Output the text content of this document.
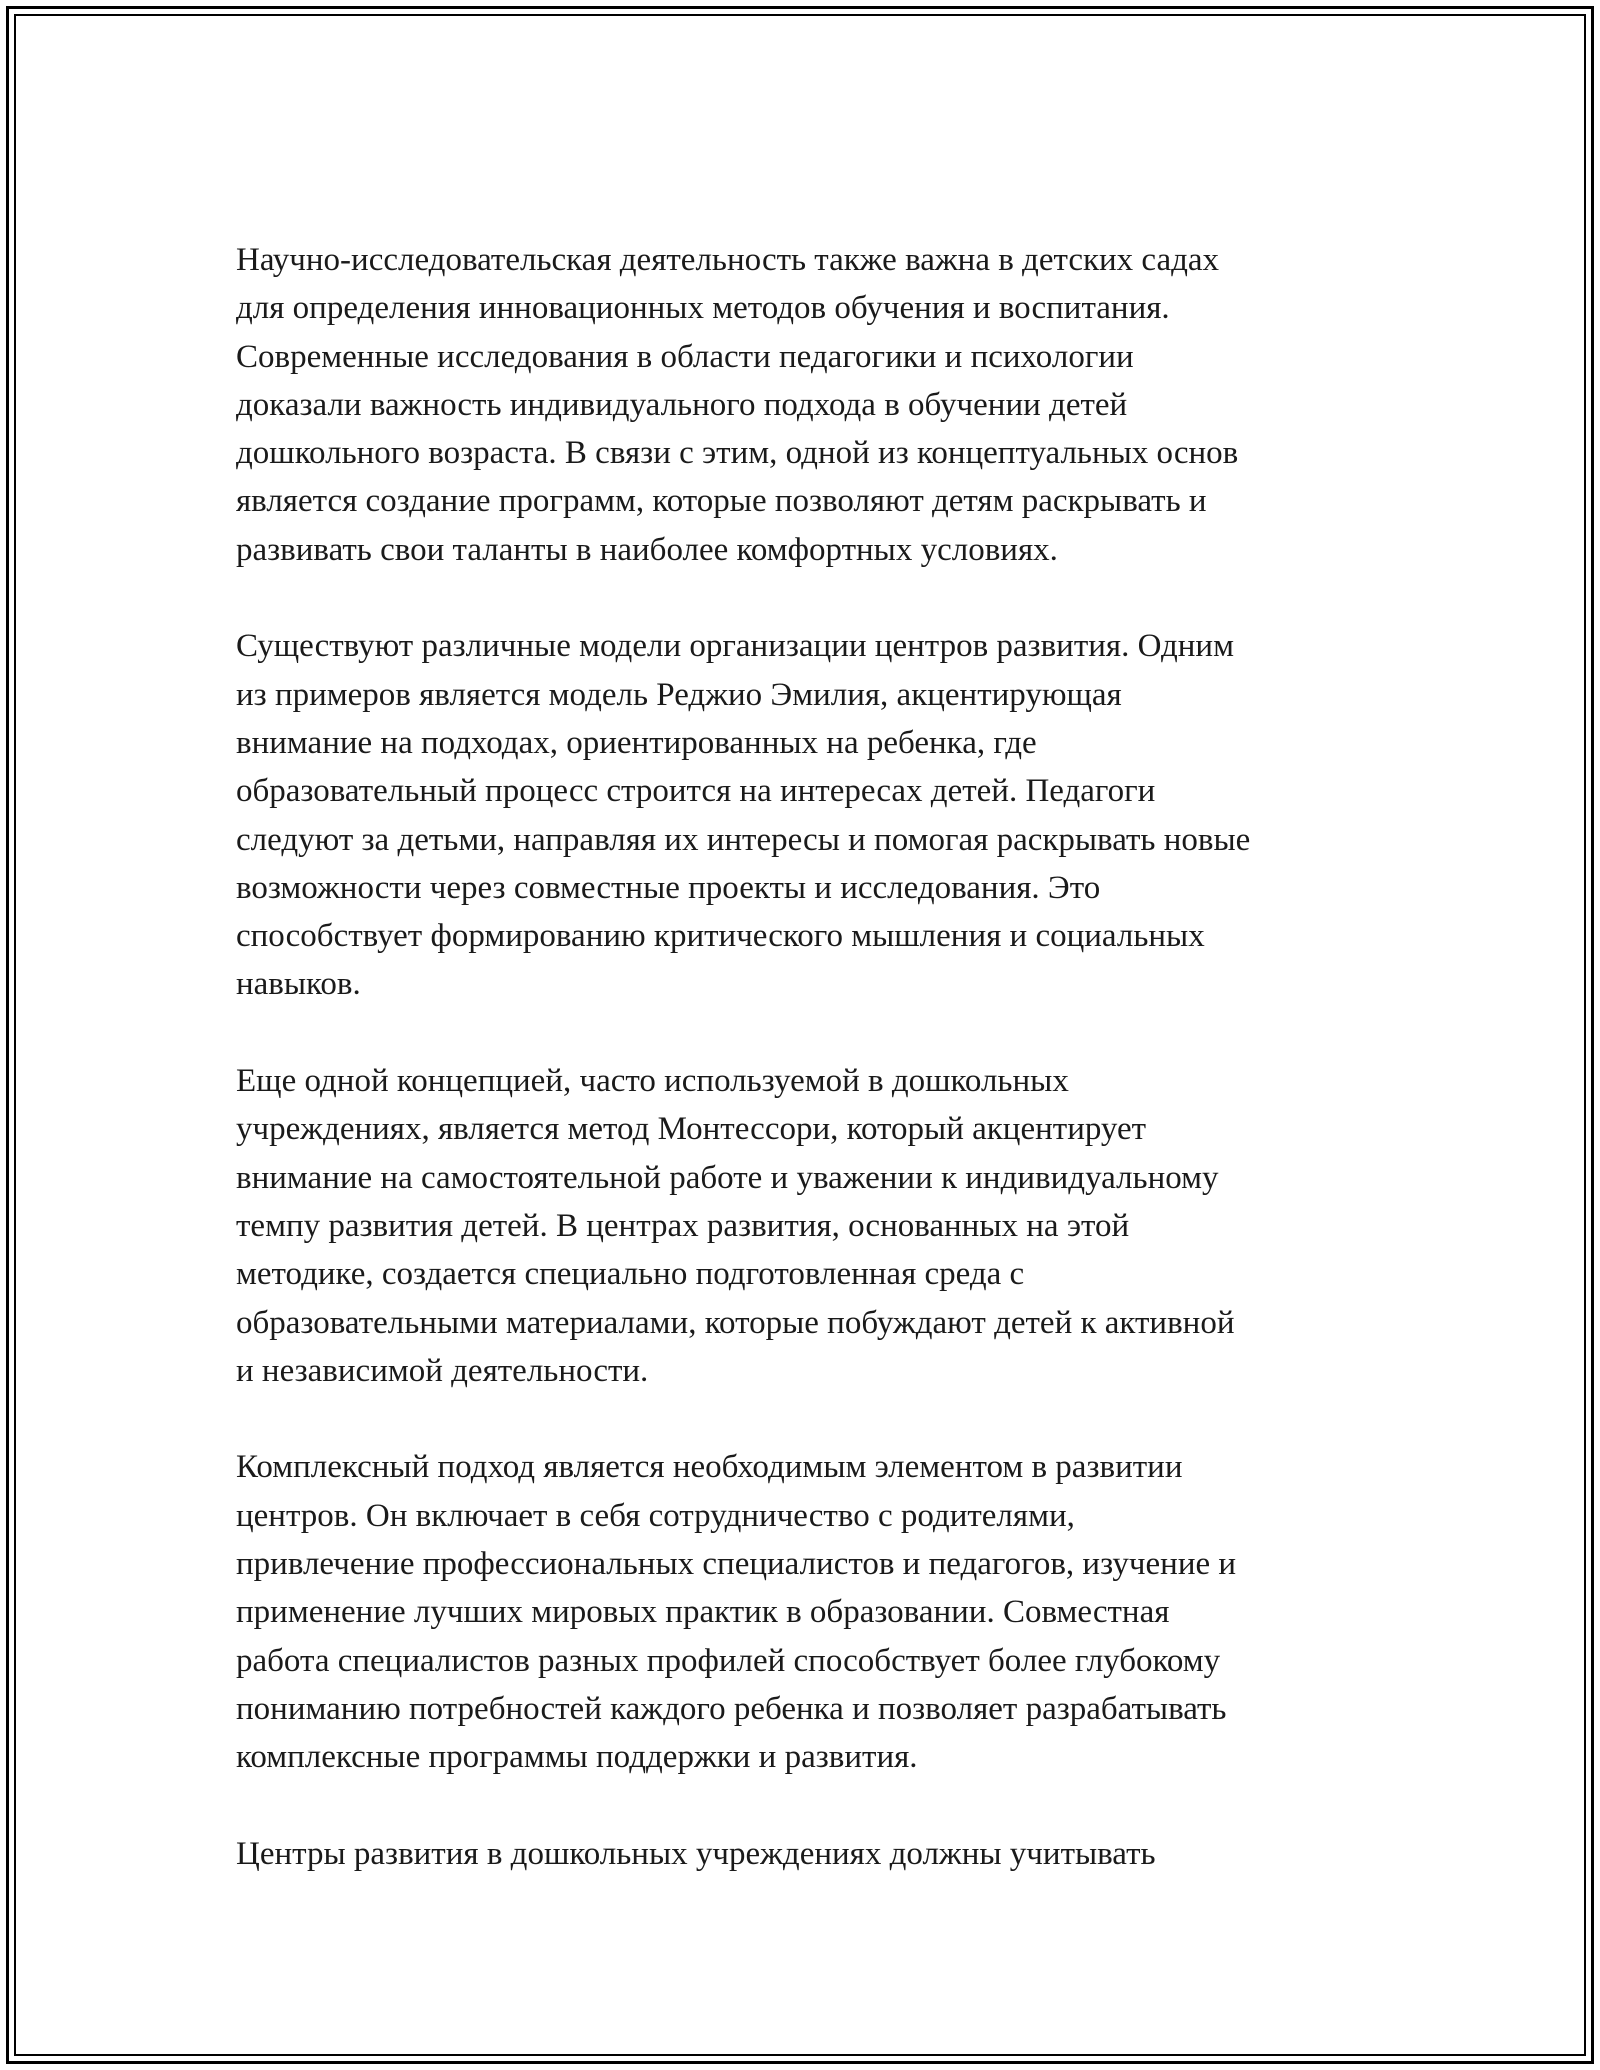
Научно-исследовательская деятельность также важна в детских садах
для определения инновационных методов обучения и воспитания.
Современные исследования в области педагогики и психологии
доказали важность индивидуального подхода в обучении детей
дошкольного возраста. В связи с этим, одной из концептуальных основ
является создание программ, которые позволяют детям раскрывать и
развивать свои таланты в наиболее комфортных условиях.

Существуют различные модели организации центров развития. Одним
из примеров является модель Реджио Эмилия, акцентирующая
внимание на подходах, ориентированных на ребенка, где
образовательный процесс строится на интересах детей. Педагоги
следуют за детьми, направляя их интересы и помогая раскрывать новые
возможности через совместные проекты и исследования. Это
способствует формированию критического мышления и социальных
навыков.

Еще одной концепцией, часто используемой в дошкольных
учреждениях, является метод Монтессори, который акцентирует
внимание на самостоятельной работе и уважении к индивидуальному
темпу развития детей. В центрах развития, основанных на этой
методике, создается специально подготовленная среда с
образовательными материалами, которые побуждают детей к активной
и независимой деятельности.

Комплексный подход является необходимым элементом в развитии
центров. Он включает в себя сотрудничество с родителями,
привлечение профессиональных специалистов и педагогов, изучение и
применение лучших мировых практик в образовании. Совместная
работа специалистов разных профилей способствует более глубокому
пониманию потребностей каждого ребенка и позволяет разрабатывать
комплексные программы поддержки и развития.

Центры развития в дошкольных учреждениях должны учитывать
